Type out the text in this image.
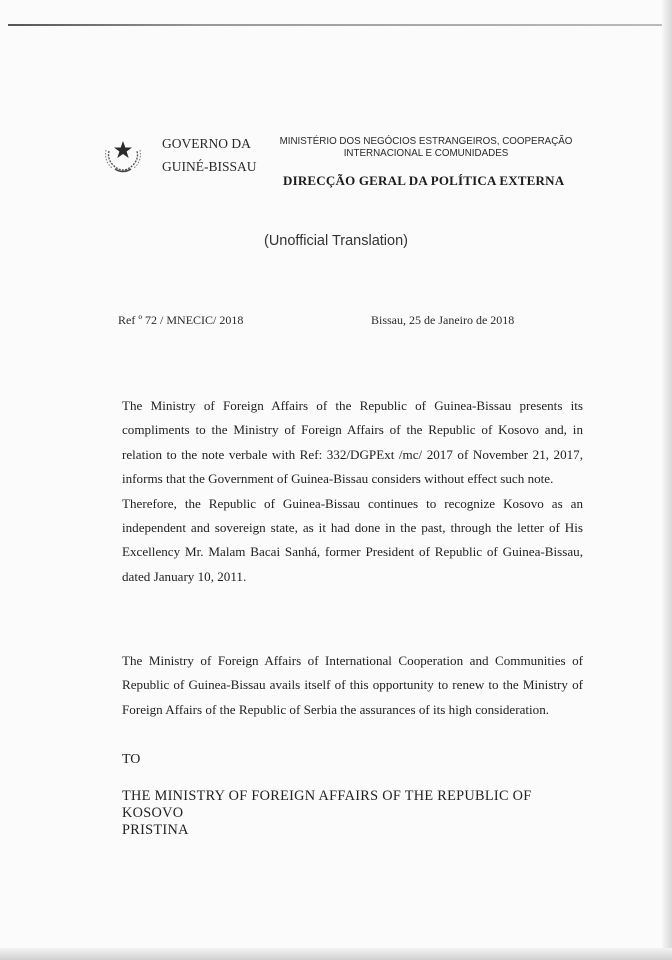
GOVERNO DA
GUINÉ-BISSAU
MINISTÉRIO DOS NEGÓCIOS ESTRANGEIROS, COOPERAÇÃO
INTERNACIONAL E COMUNIDADES
DIRECÇÃO GERAL DA POLÍTICA EXTERNA
(Unofficial Translation)
Ref º 72 / MNECIC/ 2018	Bissau, 25 de Janeiro de 2018
The Ministry of Foreign Affairs of the Republic of Guinea-Bissau presents its compliments to the Ministry of Foreign Affairs of the Republic of Kosovo and, in relation to the note verbale with Ref: 332/DGPExt /mc/ 2017 of November 21, 2017, informs that the Government of Guinea-Bissau considers without effect such note.
Therefore, the Republic of Guinea-Bissau continues to recognize Kosovo as an independent and sovereign state, as it had done in the past, through the letter of His Excellency Mr. Malam Bacai Sanhá, former President of Republic of Guinea-Bissau, dated January 10, 2011.
The Ministry of Foreign Affairs of International Cooperation and Communities of Republic of Guinea-Bissau avails itself of this opportunity to renew to the Ministry of Foreign Affairs of the Republic of Serbia the assurances of its high consideration.
TO
THE MINISTRY OF FOREIGN AFFAIRS OF THE REPUBLIC OF
KOSOVO
PRISTINA
